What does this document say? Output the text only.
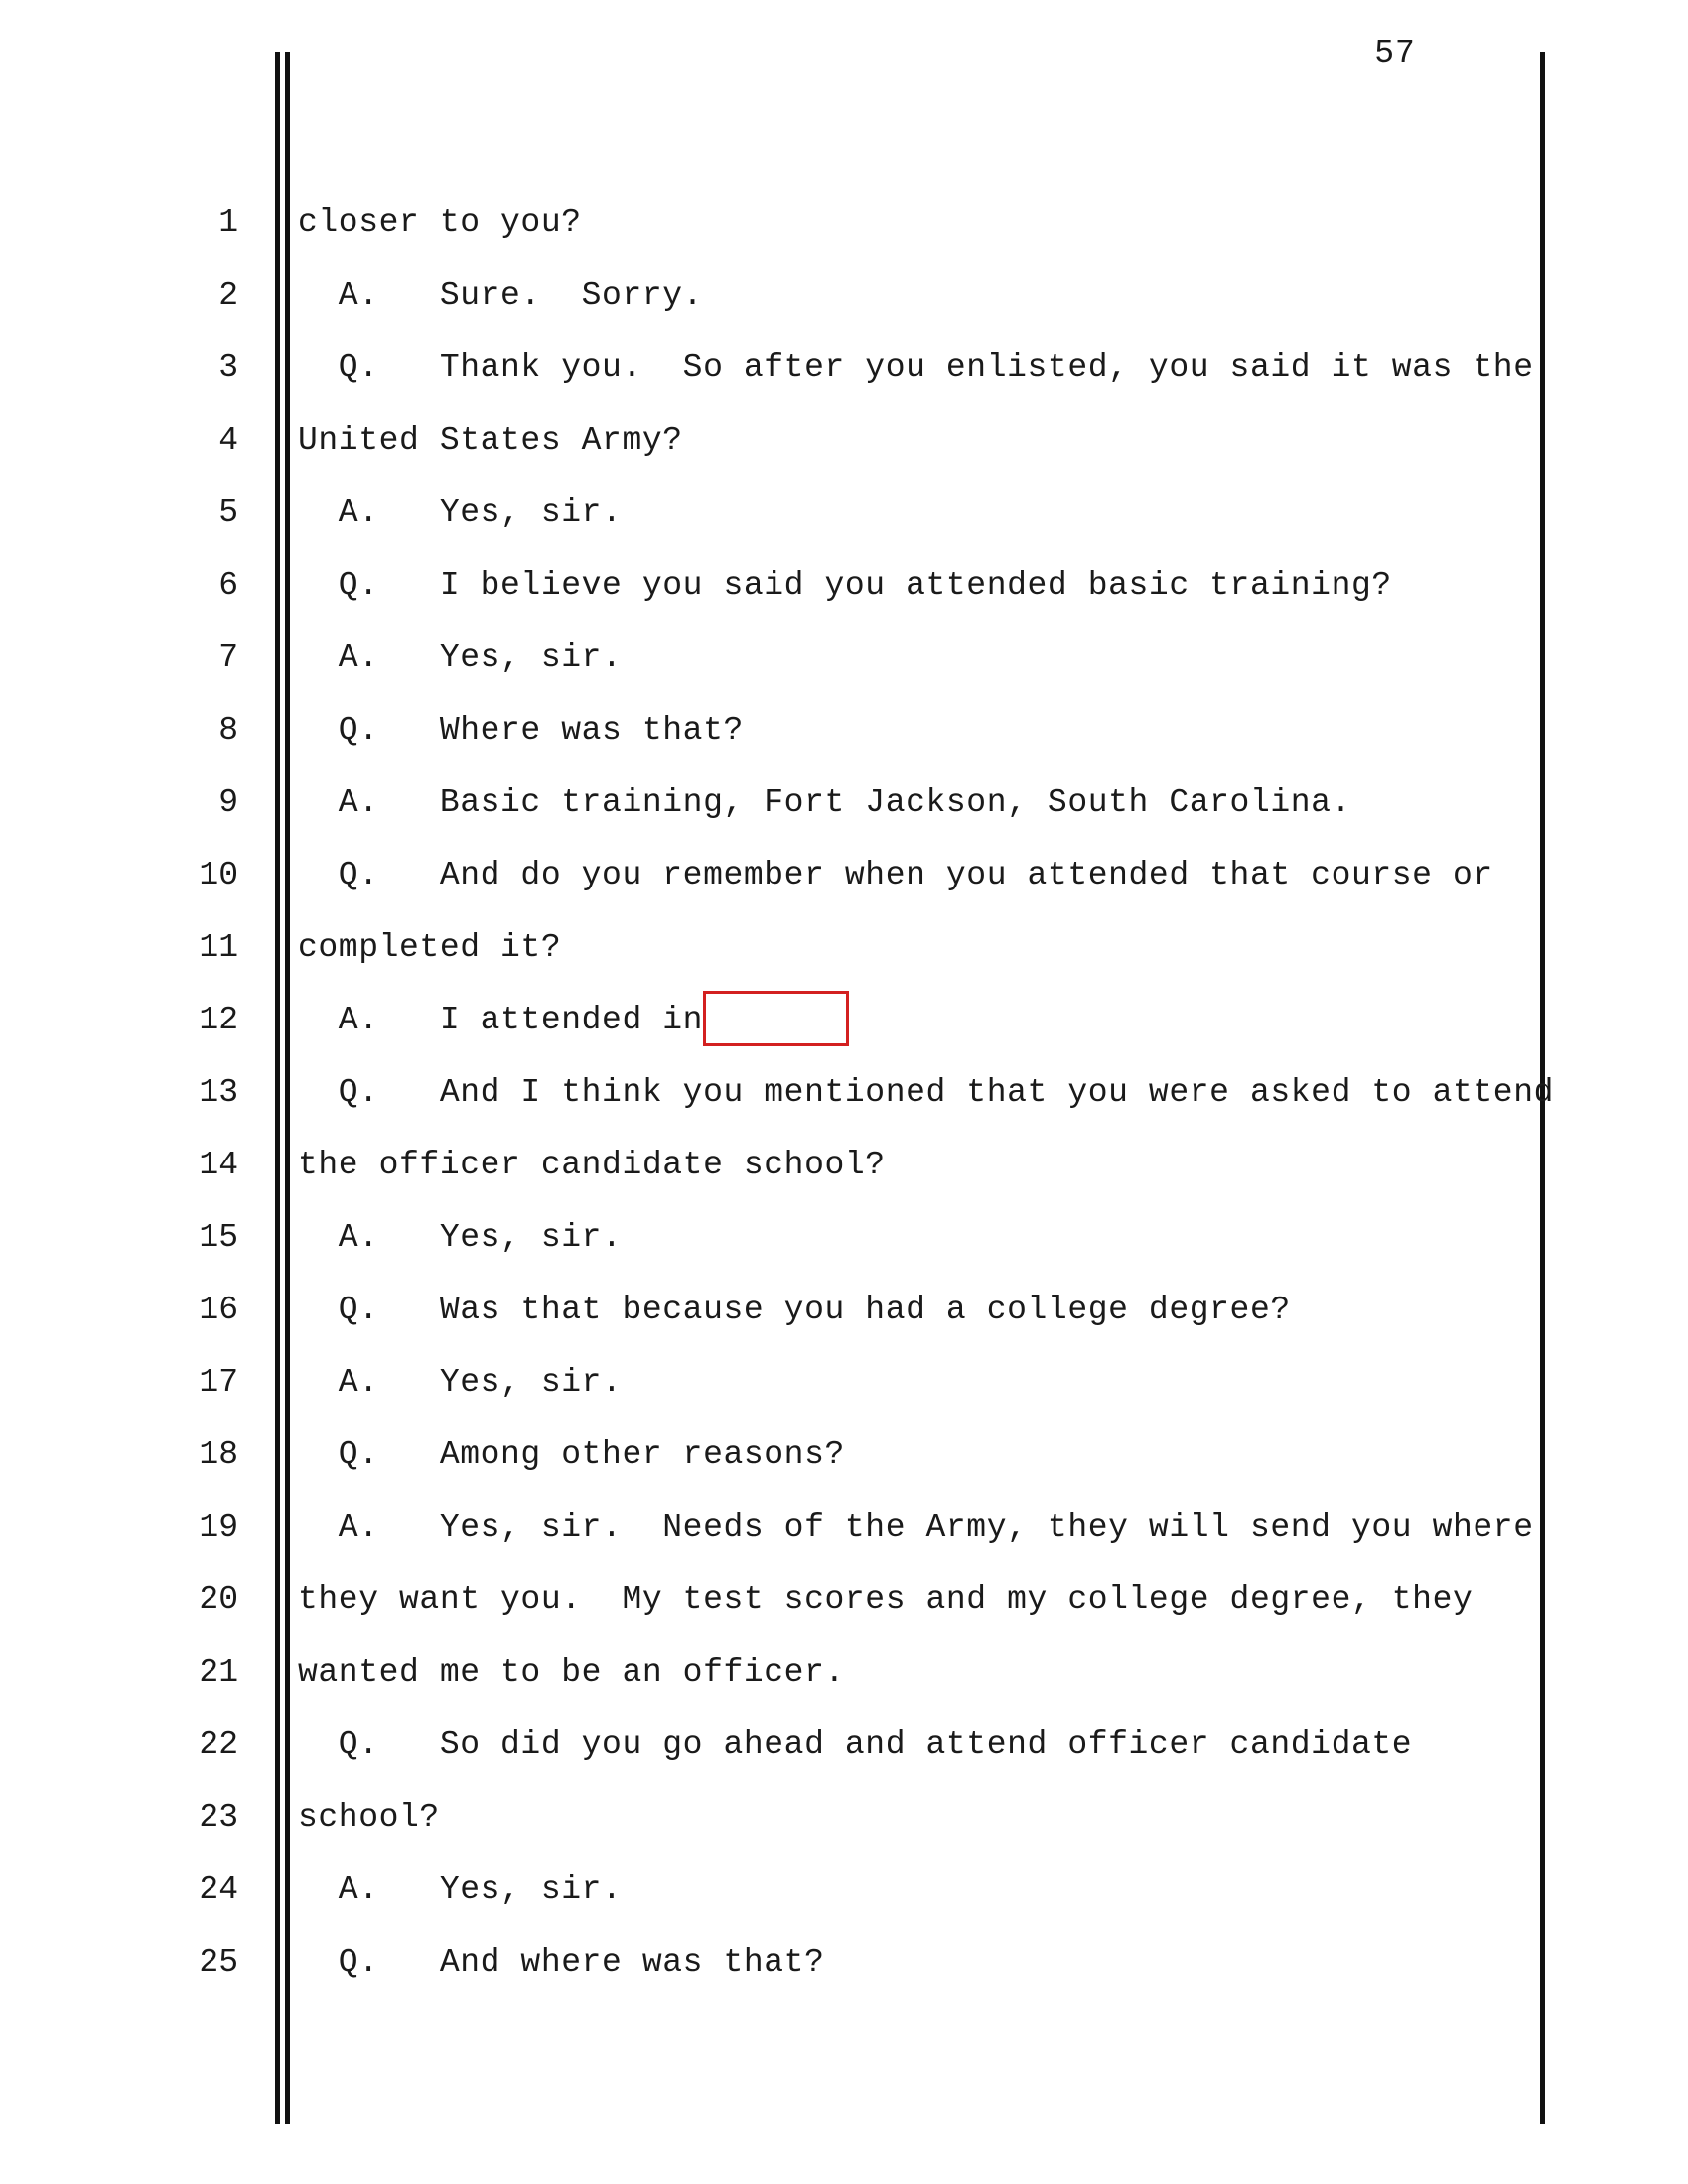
57
1 closer to you?
2 A.   Sure.  Sorry.
3 Q.   Thank you.  So after you enlisted, you said it was the
4 United States Army?
5 A.   Yes, sir.
6 Q.   I believe you said you attended basic training?
7 A.   Yes, sir.
8 Q.   Where was that?
9 A.   Basic training, Fort Jackson, South Carolina.
10 Q.   And do you remember when you attended that course or
11 completed it?
12 A.   I attended in
13 Q.   And I think you mentioned that you were asked to attend
14 the officer candidate school?
15 A.   Yes, sir.
16 Q.   Was that because you had a college degree?
17 A.   Yes, sir.
18 Q.   Among other reasons?
19 A.   Yes, sir.  Needs of the Army, they will send you where
20 they want you.  My test scores and my college degree, they
21 wanted me to be an officer.
22 Q.   So did you go ahead and attend officer candidate
23 school?
24 A.   Yes, sir.
25 Q.   And where was that?
